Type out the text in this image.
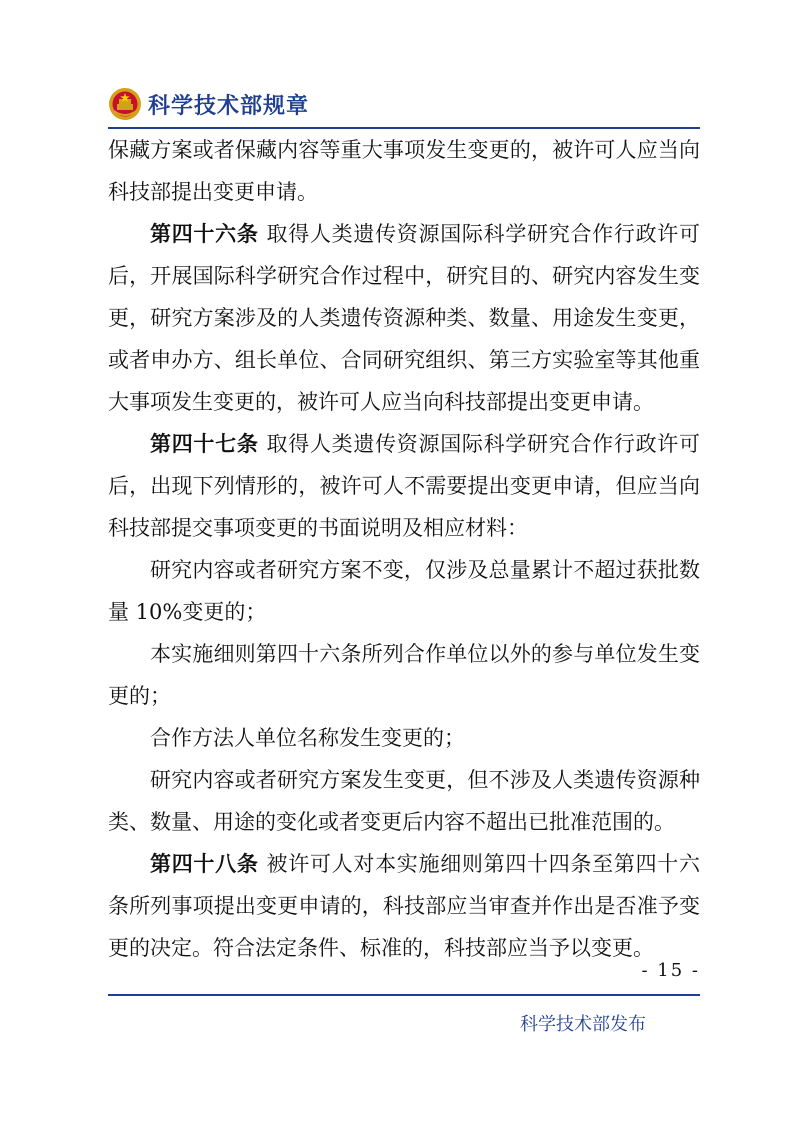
科学技术部规章

保藏方案或者保藏内容等重大事项发生变更的，被许可人应当向科技部提出变更申请。

第四十六条 取得人类遗传资源国际科学研究合作行政许可后，开展国际科学研究合作过程中，研究目的、研究内容发生变更，研究方案涉及的人类遗传资源种类、数量、用途发生变更，或者申办方、组长单位、合同研究组织、第三方实验室等其他重大事项发生变更的，被许可人应当向科技部提出变更申请。

第四十七条 取得人类遗传资源国际科学研究合作行政许可后，出现下列情形的，被许可人不需要提出变更申请，但应当向科技部提交事项变更的书面说明及相应材料：

研究内容或者研究方案不变，仅涉及总量累计不超过获批数量 10%变更的；

本实施细则第四十六条所列合作单位以外的参与单位发生变更的；

合作方法人单位名称发生变更的；

研究内容或者研究方案发生变更，但不涉及人类遗传资源种类、数量、用途的变化或者变更后内容不超出已批准范围的。

第四十八条 被许可人对本实施细则第四十四条至第四十六条所列事项提出变更申请的，科技部应当审查并作出是否准予变更的决定。符合法定条件、标准的，科技部应当予以变更。

- 15 -
科学技术部发布
